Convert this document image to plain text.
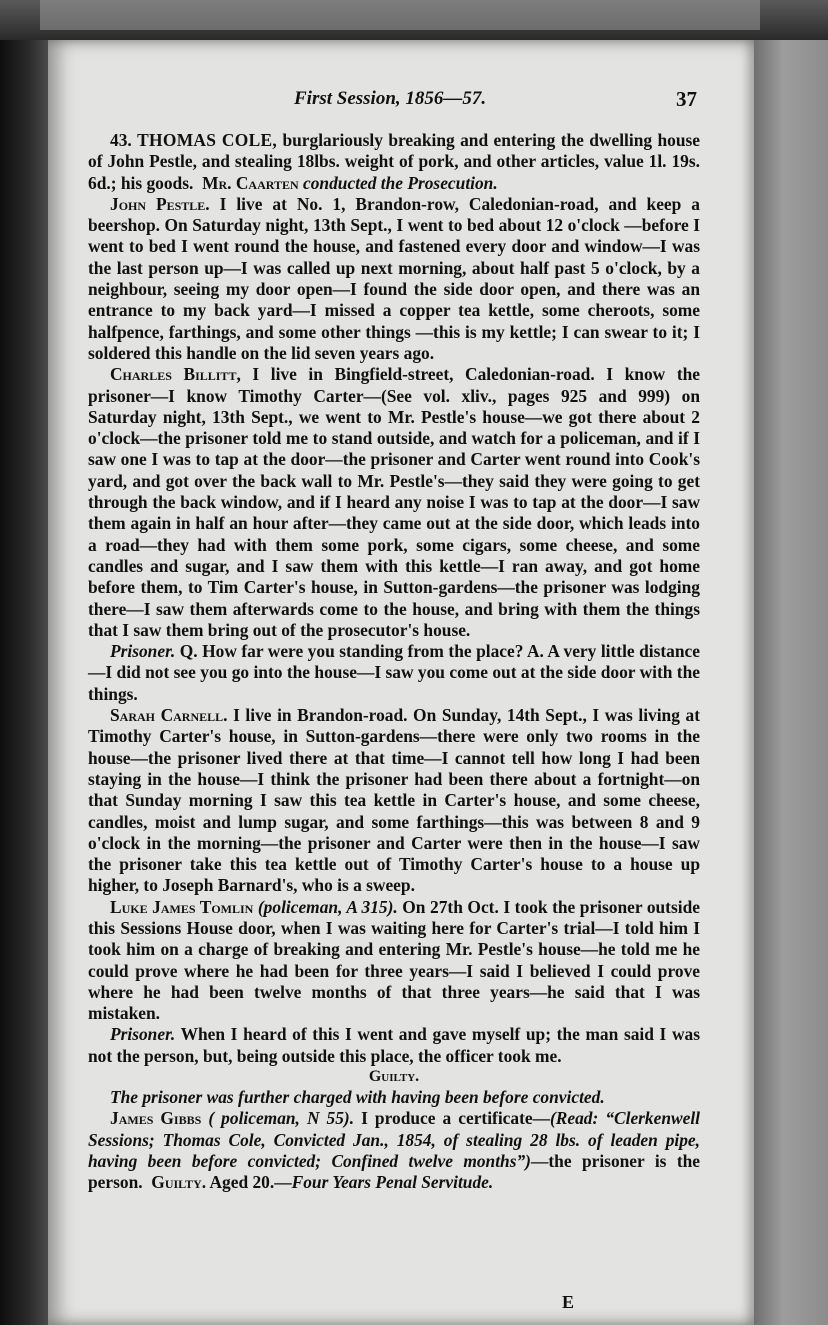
First Session, 1856—57.	37

43. THOMAS COLE, burglariously breaking and entering the dwelling house of John Pestle, and stealing 18lbs. weight of pork, and other articles, value 1l. 19s. 6d.; his goods. Mr. Caarten conducted the Prosecution.

John Pestle. I live at No. 1, Brandon-row, Caledonian-road, and keep a beershop. On Saturday night, 13th Sept., I went to bed about 12 o'clock —before I went to bed I went round the house, and fastened every door and window—I was the last person up—I was called up next morning, about half past 5 o'clock, by a neighbour, seeing my door open—I found the side door open, and there was an entrance to my back yard—I missed a copper tea kettle, some cheroots, some halfpence, farthings, and some other things —this is my kettle; I can swear to it; I soldered this handle on the lid seven years ago.

Charles Billitt, I live in Bingfield-street, Caledonian-road. I know the prisoner—I know Timothy Carter—(See vol. xliv., pages 925 and 999) on Saturday night, 13th Sept., we went to Mr. Pestle's house—we got there about 2 o'clock—the prisoner told me to stand outside, and watch for a policeman, and if I saw one I was to tap at the door—the prisoner and Carter went round into Cook's yard, and got over the back wall to Mr. Pestle's—they said they were going to get through the back window, and if I heard any noise I was to tap at the door—I saw them again in half an hour after—they came out at the side door, which leads into a road—they had with them some pork, some cigars, some cheese, and some candles and sugar, and I saw them with this kettle—I ran away, and got home before them, to Tim Carter's house, in Sutton-gardens—the prisoner was lodging there—I saw them afterwards come to the house, and bring with them the things that I saw them bring out of the prosecutor's house.

Prisoner. Q. How far were you standing from the place? A. A very little distance—I did not see you go into the house—I saw you come out at the side door with the things.

Sarah Carnell. I live in Brandon-road. On Sunday, 14th Sept., I was living at Timothy Carter's house, in Sutton-gardens—there were only two rooms in the house—the prisoner lived there at that time—I cannot tell how long I had been staying in the house—I think the prisoner had been there about a fortnight—on that Sunday morning I saw this tea kettle in Carter's house, and some cheese, candles, moist and lump sugar, and some farthings—this was between 8 and 9 o'clock in the morning—the prisoner and Carter were then in the house—I saw the prisoner take this tea kettle out of Timothy Carter's house to a house up higher, to Joseph Barnard's, who is a sweep.

Luke James Tomlin (policeman, A 315). On 27th Oct. I took the prisoner outside this Sessions House door, when I was waiting here for Carter's trial—I told him I took him on a charge of breaking and entering Mr. Pestle's house—he told me he could prove where he had been for three years—I said I believed I could prove where he had been twelve months of that three years—he said that I was mistaken.

Prisoner. When I heard of this I went and gave myself up; the man said I was not the person, but, being outside this place, the officer took me.

Guilty.

The prisoner was further charged with having been before convicted.

James Gibbs ( policeman, N 55). I produce a certificate—(Read: “Clerkenwell Sessions; Thomas Cole, Convicted Jan., 1854, of stealing 28 lbs. of leaden pipe, having been before convicted; Confined twelve months”)—the prisoner is the person. Guilty. Aged 20.—Four Years Penal Servitude.

E
